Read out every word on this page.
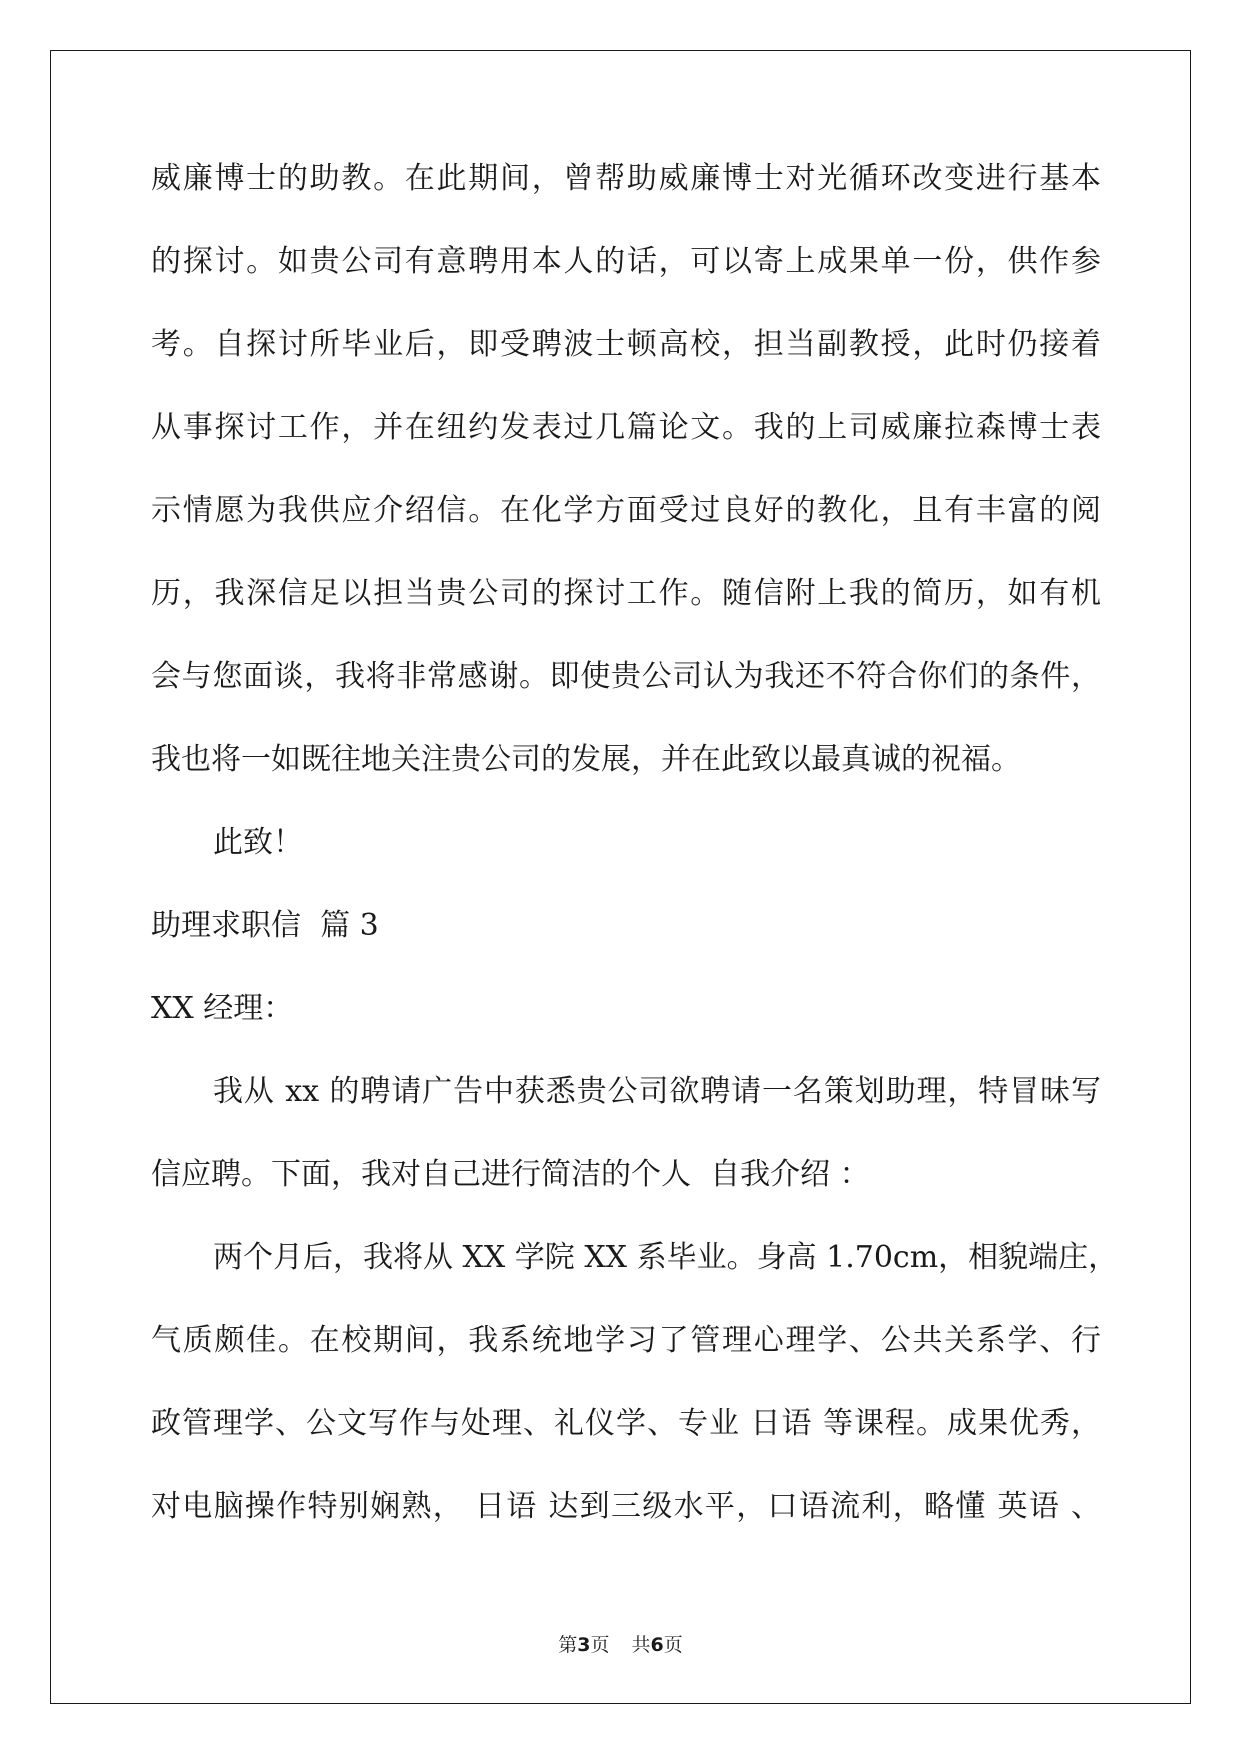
威廉博士的助教。在此期间，曾帮助威廉博士对光循环改变进行基本
的探讨。如贵公司有意聘用本人的话，可以寄上成果单一份，供作参
考。自探讨所毕业后，即受聘波士顿高校，担当副教授，此时仍接着
从事探讨工作，并在纽约发表过几篇论文。我的上司威廉拉森博士表
示情愿为我供应介绍信。在化学方面受过良好的教化，且有丰富的阅
历，我深信足以担当贵公司的探讨工作。随信附上我的简历，如有机
会与您面谈，我将非常感谢。即使贵公司认为我还不符合你们的条件，
我也将一如既往地关注贵公司的发展，并在此致以最真诚的祝福。
此致！
助理求职信  篇 3
XX 经理：
我从 xx 的聘请广告中获悉贵公司欲聘请一名策划助理，特冒昧写
信应聘。下面，我对自己进行简洁的个人  自我介绍 ：
两个月后，我将从 XX 学院 XX 系毕业。身高 1.70cm，相貌端庄，
气质颇佳。在校期间，我系统地学习了管理心理学、公共关系学、行
政管理学、公文写作与处理、礼仪学、专业 日语 等课程。成果优秀，
对电脑操作特别娴熟， 日语 达到三级水平，口语流利，略懂 英语 、
第3页 共6页
